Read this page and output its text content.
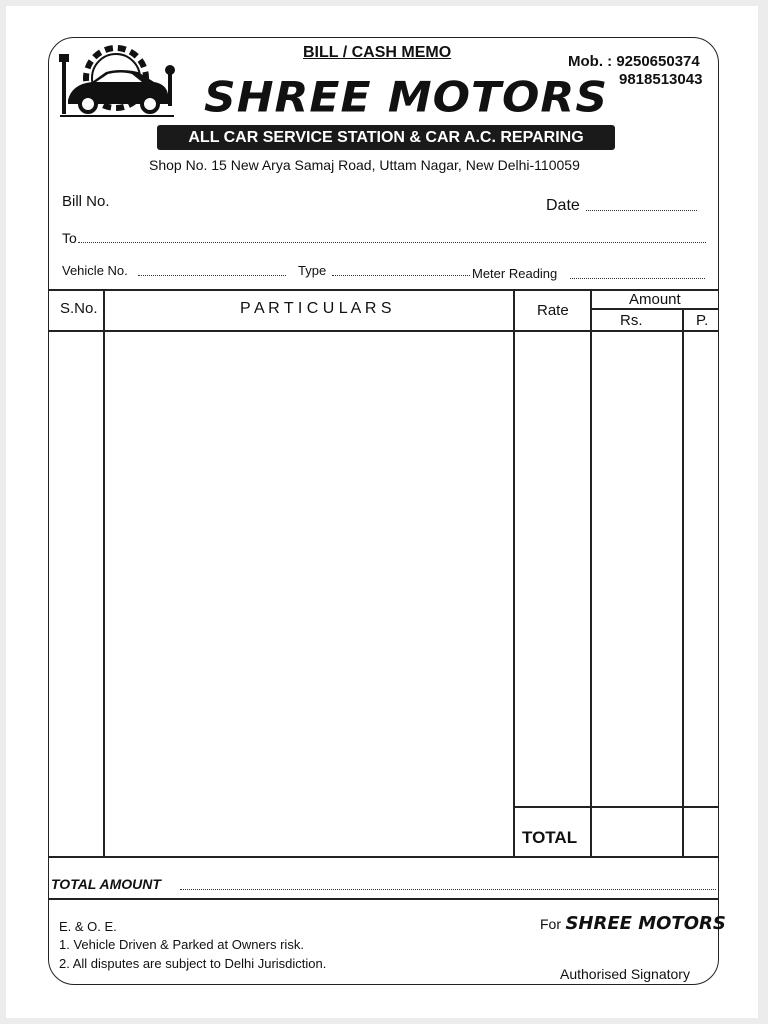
BILL / CASH MEMO
Mob. : 9250650374
9818513043
SHREE MOTORS
ALL CAR SERVICE STATION & CAR A.C. REPARING
Shop No. 15 New Arya Samaj Road, Uttam Nagar, New Delhi-110059
Bill No.	Date
To
Vehicle No.	Type	Meter Reading
S.No.	P A R T I C U L A R S	Rate
Amount
Rs.	P.
TOTAL
TOTAL AMOUNT
E. & O. E.
1. Vehicle Driven & Parked at Owners risk.
2. All disputes are subject to Delhi Jurisdiction.
For SHREE MOTORS
Authorised Signatory
